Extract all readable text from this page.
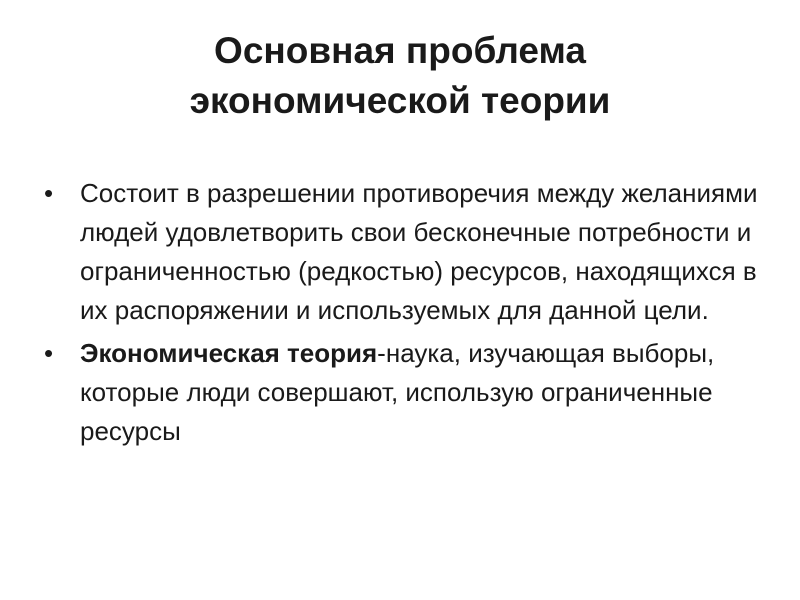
Основная проблема
экономической теории
• Состоит в разрешении противоречия между желаниями людей удовлетворить свои бесконечные потребности и ограниченностью (редкостью) ресурсов, находящихся в их распоряжении и используемых для данной цели.
• Экономическая теория-наука, изучающая выборы, которые люди совершают, использую ограниченные ресурсы
